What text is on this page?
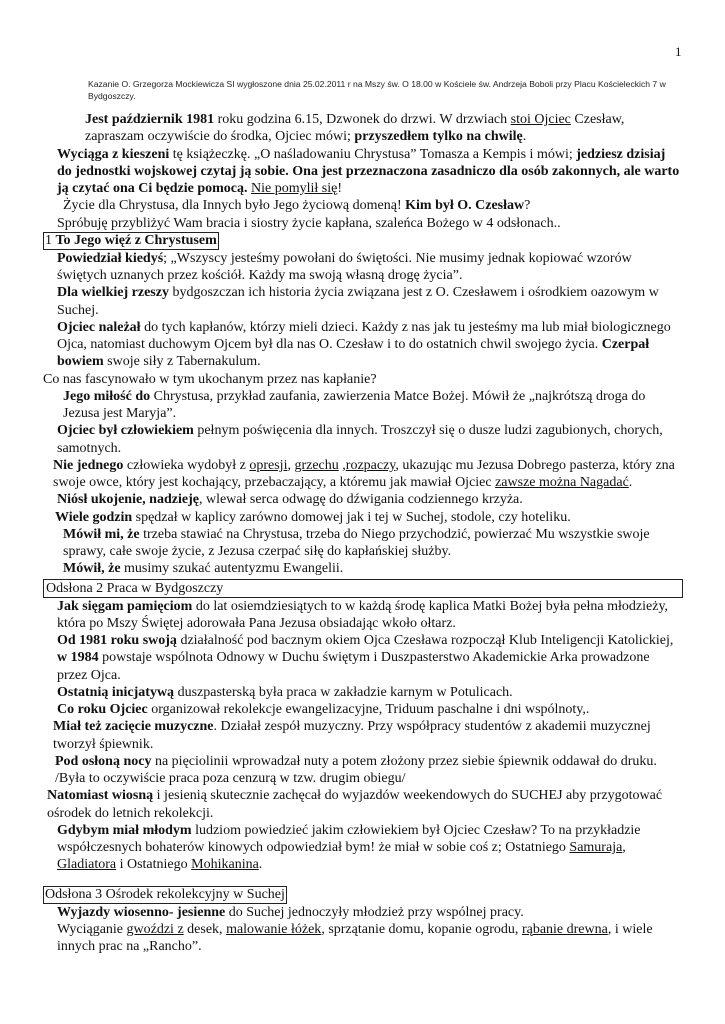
1
Kazanie O. Grzegorza Mockiewicza SI wygłoszone dnia 25.02.2011 r na Mszy św. O 18.00 w Kościele św. Andrzeja Boboli przy Placu Kościeleckich 7 w Bydgoszczy.

Jest październik 1981 roku godzina 6.15, Dzwonek do drzwi. W drzwiach stoi Ojciec Czesław, zapraszam oczywiście do środka, Ojciec mówi; przyszedłem tylko na chwilę.

Wyciąga z kieszeni tę książeczkę. „O naśladowaniu Chrystusa” Tomasza a Kempis i mówi; jedziesz dzisiaj do jednostki wojskowej czytaj ją sobie. Ona jest przeznaczona zasadniczo dla osób zakonnych, ale warto ją czytać ona Ci będzie pomocą. Nie pomylił się!

Życie dla Chrystusa, dla Innych było Jego życiową domeną! Kim był O. Czesław?

Spróbuję przybliżyć Wam bracia i siostry życie kapłana, szaleńca Bożego w 4 odsłonach..

1 To Jego więź z Chrystusem

Powiedział kiedyś; „Wszyscy jesteśmy powołani do świętości. Nie musimy jednak kopiować wzorów świętych uznanych przez kościół. Każdy ma swoją własną drogę życia”.

Dla wielkiej rzeszy bydgoszczan ich historia życia związana jest z O. Czesławem i ośrodkiem oazowym w Suchej.

Ojciec należał do tych kapłanów, którzy mieli dzieci. Każdy z nas jak tu jesteśmy ma lub miał biologicznego Ojca, natomiast duchowym Ojcem był dla nas O. Czesław i to do ostatnich chwil swojego życia. Czerpał bowiem swoje siły z Tabernakulum.

Co nas fascynowało w tym ukochanym przez nas kapłanie?

Jego miłość do Chrystusa, przykład zaufania, zawierzenia Matce Bożej. Mówił że „najkrótszą droga do Jezusa jest Maryja”.

Ojciec był człowiekiem pełnym poświęcenia dla innych. Troszczył się o dusze ludzi zagubionych, chorych, samotnych.

Nie jednego człowieka wydobył z opresji, grzechu ,rozpaczy, ukazując mu Jezusa Dobrego pasterza, który zna swoje owce, który jest kochający, przebaczający, a któremu jak mawiał Ojciec zawsze można Nagadać.

Niósł ukojenie, nadzieję, wlewał serca odwagę do dźwigania codziennego krzyża.

Wiele godzin spędzał w kaplicy zarówno domowej jak i tej w Suchej, stodole, czy hoteliku.

Mówił mi, że trzeba stawiać na Chrystusa, trzeba do Niego przychodzić, powierzać Mu wszystkie swoje sprawy, całe swoje życie, z Jezusa czerpać siłę do kapłańskiej służby.

Mówił, że musimy szukać autentyzmu Ewangelii.

Odsłona 2 Praca w Bydgoszczy

Jak sięgam pamięciom do lat osiemdziesiątych to w każdą środę kaplica Matki Bożej była pełna młodzieży, która po Mszy Świętej adorowała Pana Jezusa obsiadając wkoło ołtarz.

Od 1981 roku swoją działalność pod bacznym okiem Ojca Czesława rozpoczął Klub Inteligencji Katolickiej, w 1984 powstaje wspólnota Odnowy w Duchu świętym i Duszpasterstwo Akademickie Arka prowadzone przez Ojca.

Ostatnią inicjatywą duszpasterską była praca w zakładzie karnym w Potulicach.

Co roku Ojciec organizował rekolekcje ewangelizacyjne, Triduum paschalne i dni wspólnoty,.

Miał też zacięcie muzyczne. Działał zespół muzyczny. Przy współpracy studentów z akademii muzycznej tworzył śpiewnik.

Pod osłoną nocy na pięciolinii wprowadzał nuty a potem złożony przez siebie śpiewnik oddawał do druku. /Była to oczywiście praca poza cenzurą w tzw. drugim obiegu/

Natomiast wiosną i jesienią skutecznie zachęcał do wyjazdów weekendowych do SUCHEJ aby przygotować ośrodek do letnich rekolekcji.

Gdybym miał młodym ludziom powiedzieć jakim człowiekiem był Ojciec Czesław? To na przykładzie współczesnych bohaterów kinowych odpowiedział bym! że miał w sobie coś z; Ostatniego Samuraja, Gladiatora i Ostatniego Mohikanina.

Odsłona 3 Ośrodek rekolekcyjny w Suchej

Wyjazdy wiosenno- jesienne do Suchej jednoczyły młodzież przy wspólnej pracy.

Wyciąganie gwoździ z desek, malowanie łóżek, sprzątanie domu, kopanie ogrodu, rąbanie drewna, i wiele innych prac na „Rancho”.
